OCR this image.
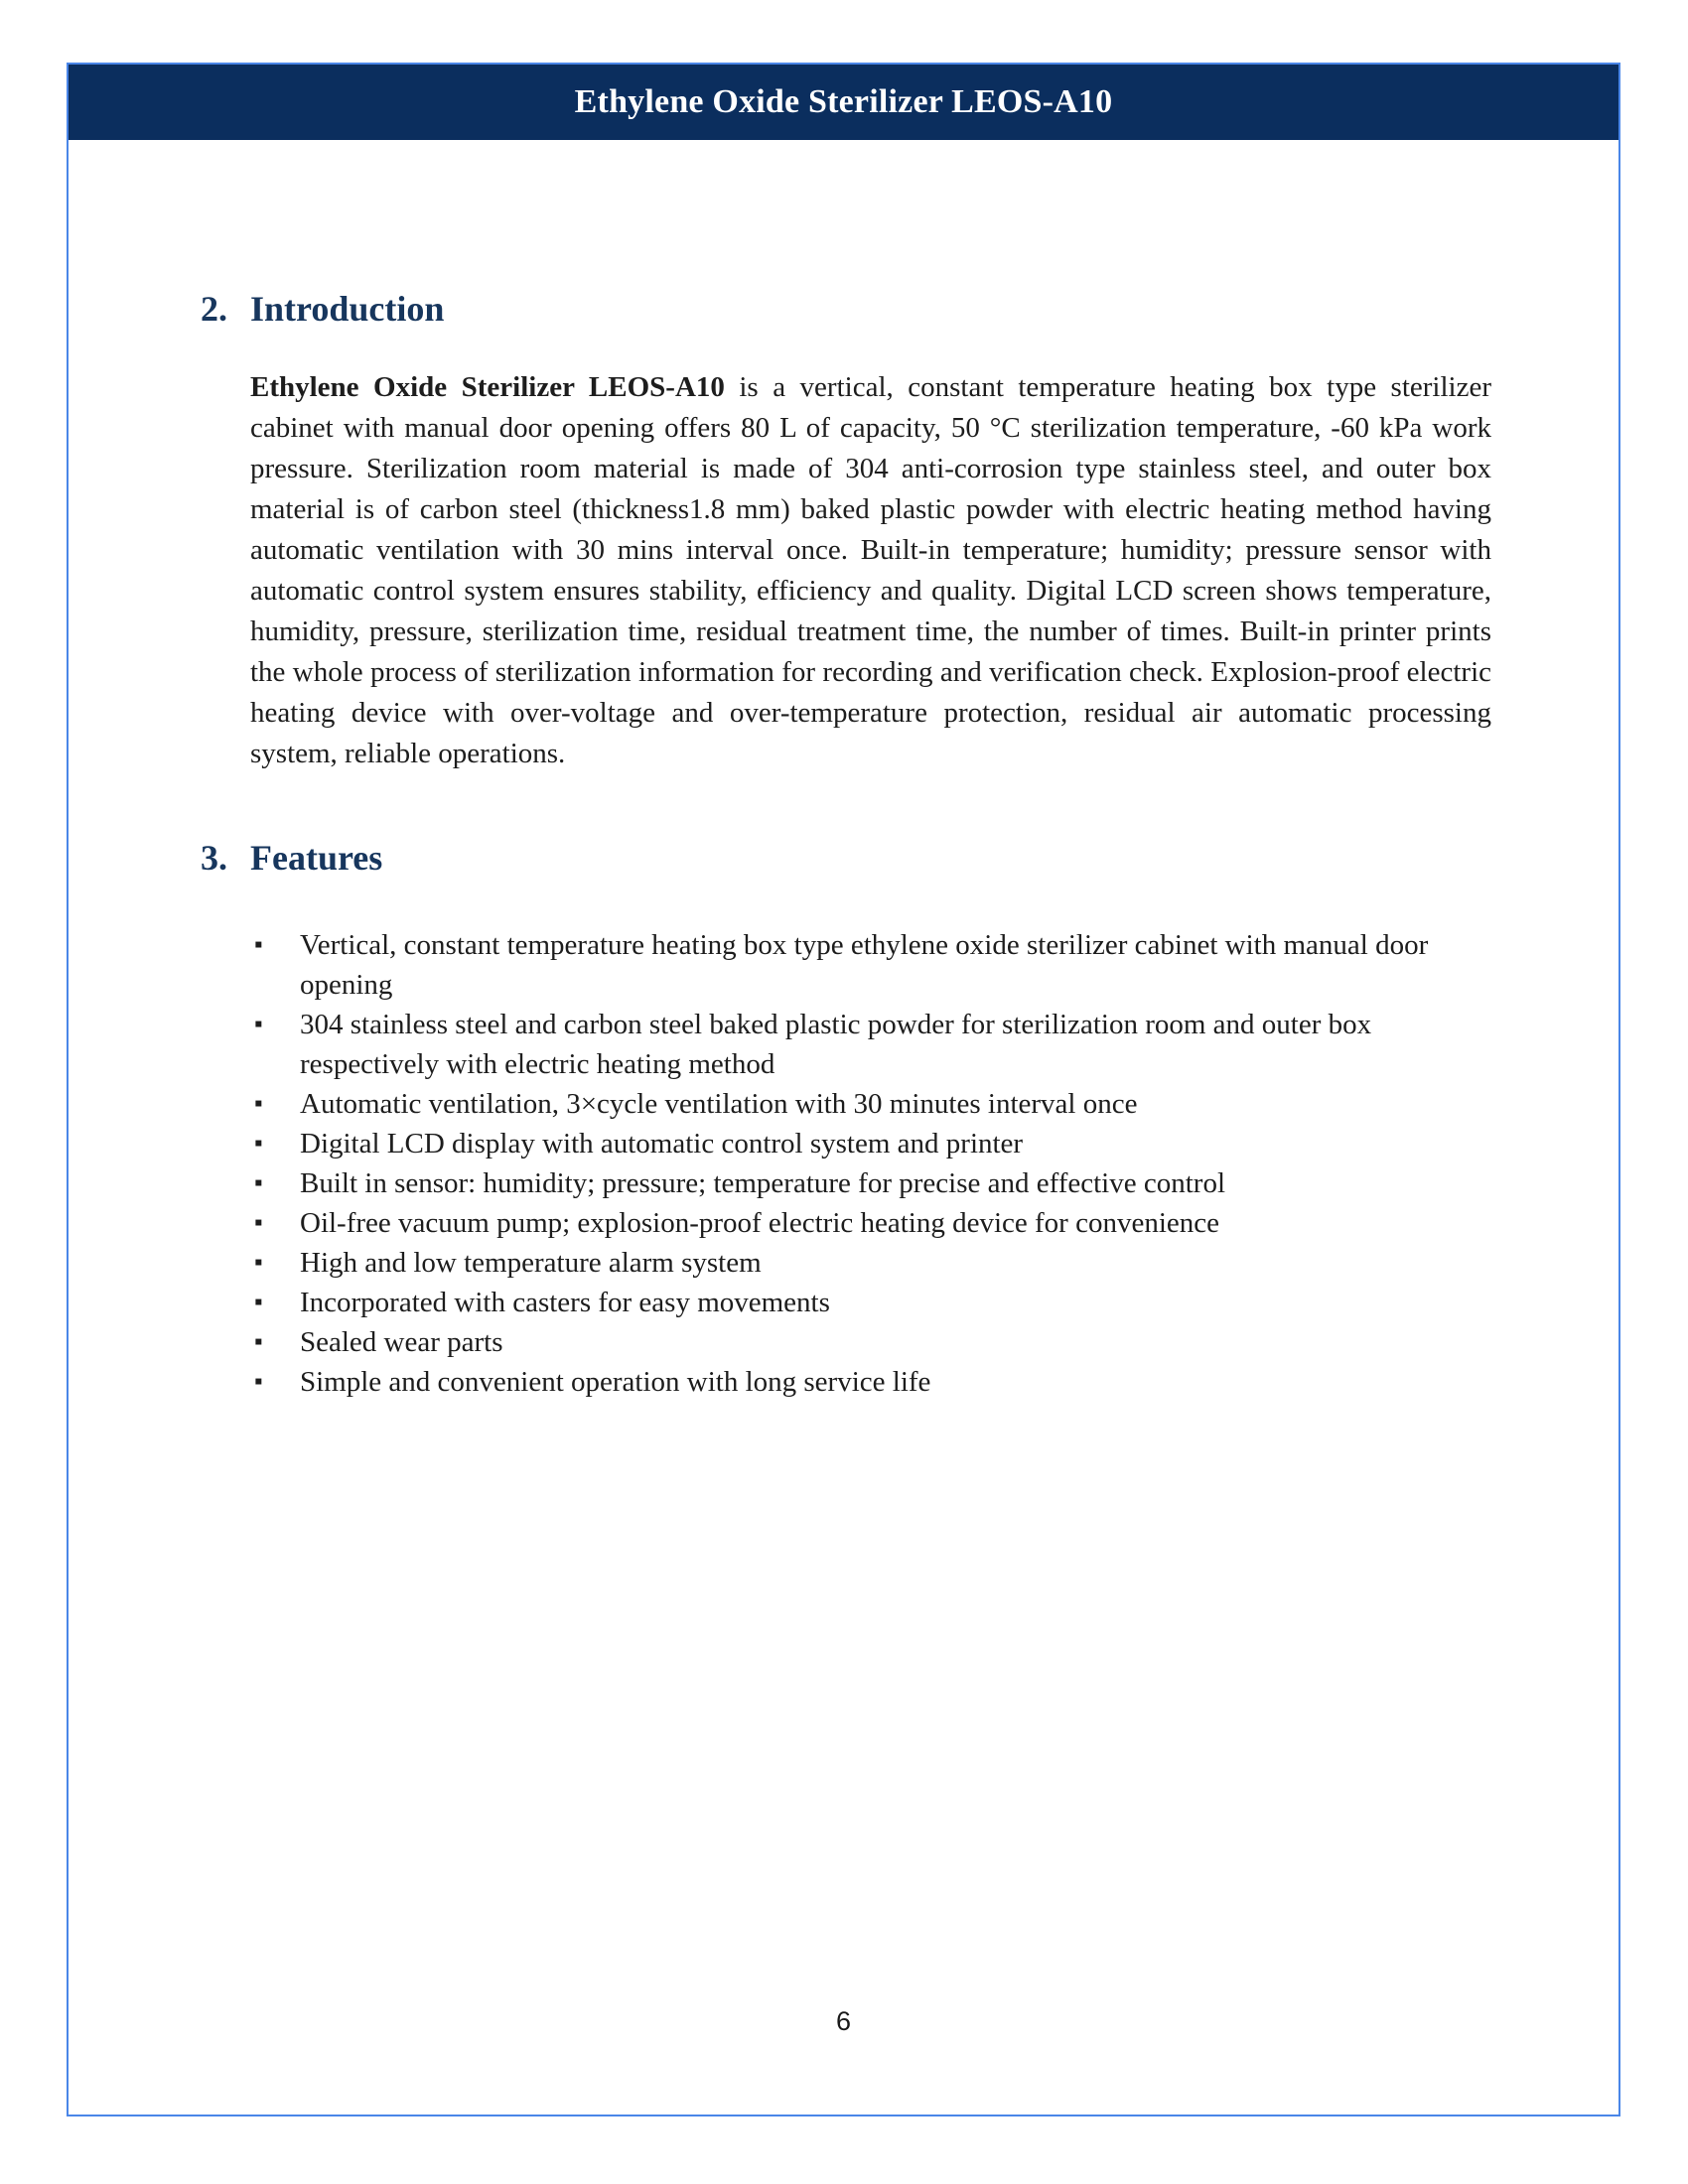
Ethylene Oxide Sterilizer LEOS-A10
2. Introduction

Ethylene Oxide Sterilizer LEOS-A10 is a vertical, constant temperature heating box type sterilizer cabinet with manual door opening offers 80 L of capacity, 50 °C sterilization temperature, -60 kPa work pressure. Sterilization room material is made of 304 anti-corrosion type stainless steel, and outer box material is of carbon steel (thickness1.8 mm) baked plastic powder with electric heating method having automatic ventilation with 30 mins interval once. Built-in temperature; humidity; pressure sensor with automatic control system ensures stability, efficiency and quality. Digital LCD screen shows temperature, humidity, pressure, sterilization time, residual treatment time, the number of times. Built-in printer prints the whole process of sterilization information for recording and verification check. Explosion-proof electric heating device with over-voltage and over-temperature protection, residual air automatic processing system, reliable operations.

3. Features
▪ Vertical, constant temperature heating box type ethylene oxide sterilizer cabinet with manual door opening
▪ 304 stainless steel and carbon steel baked plastic powder for sterilization room and outer box respectively with electric heating method
▪ Automatic ventilation, 3×cycle ventilation with 30 minutes interval once
▪ Digital LCD display with automatic control system and printer
▪ Built in sensor: humidity; pressure; temperature for precise and effective control
▪ Oil-free vacuum pump; explosion-proof electric heating device for convenience
▪ High and low temperature alarm system
▪ Incorporated with casters for easy movements
▪ Sealed wear parts
▪ Simple and convenient operation with long service life
6
